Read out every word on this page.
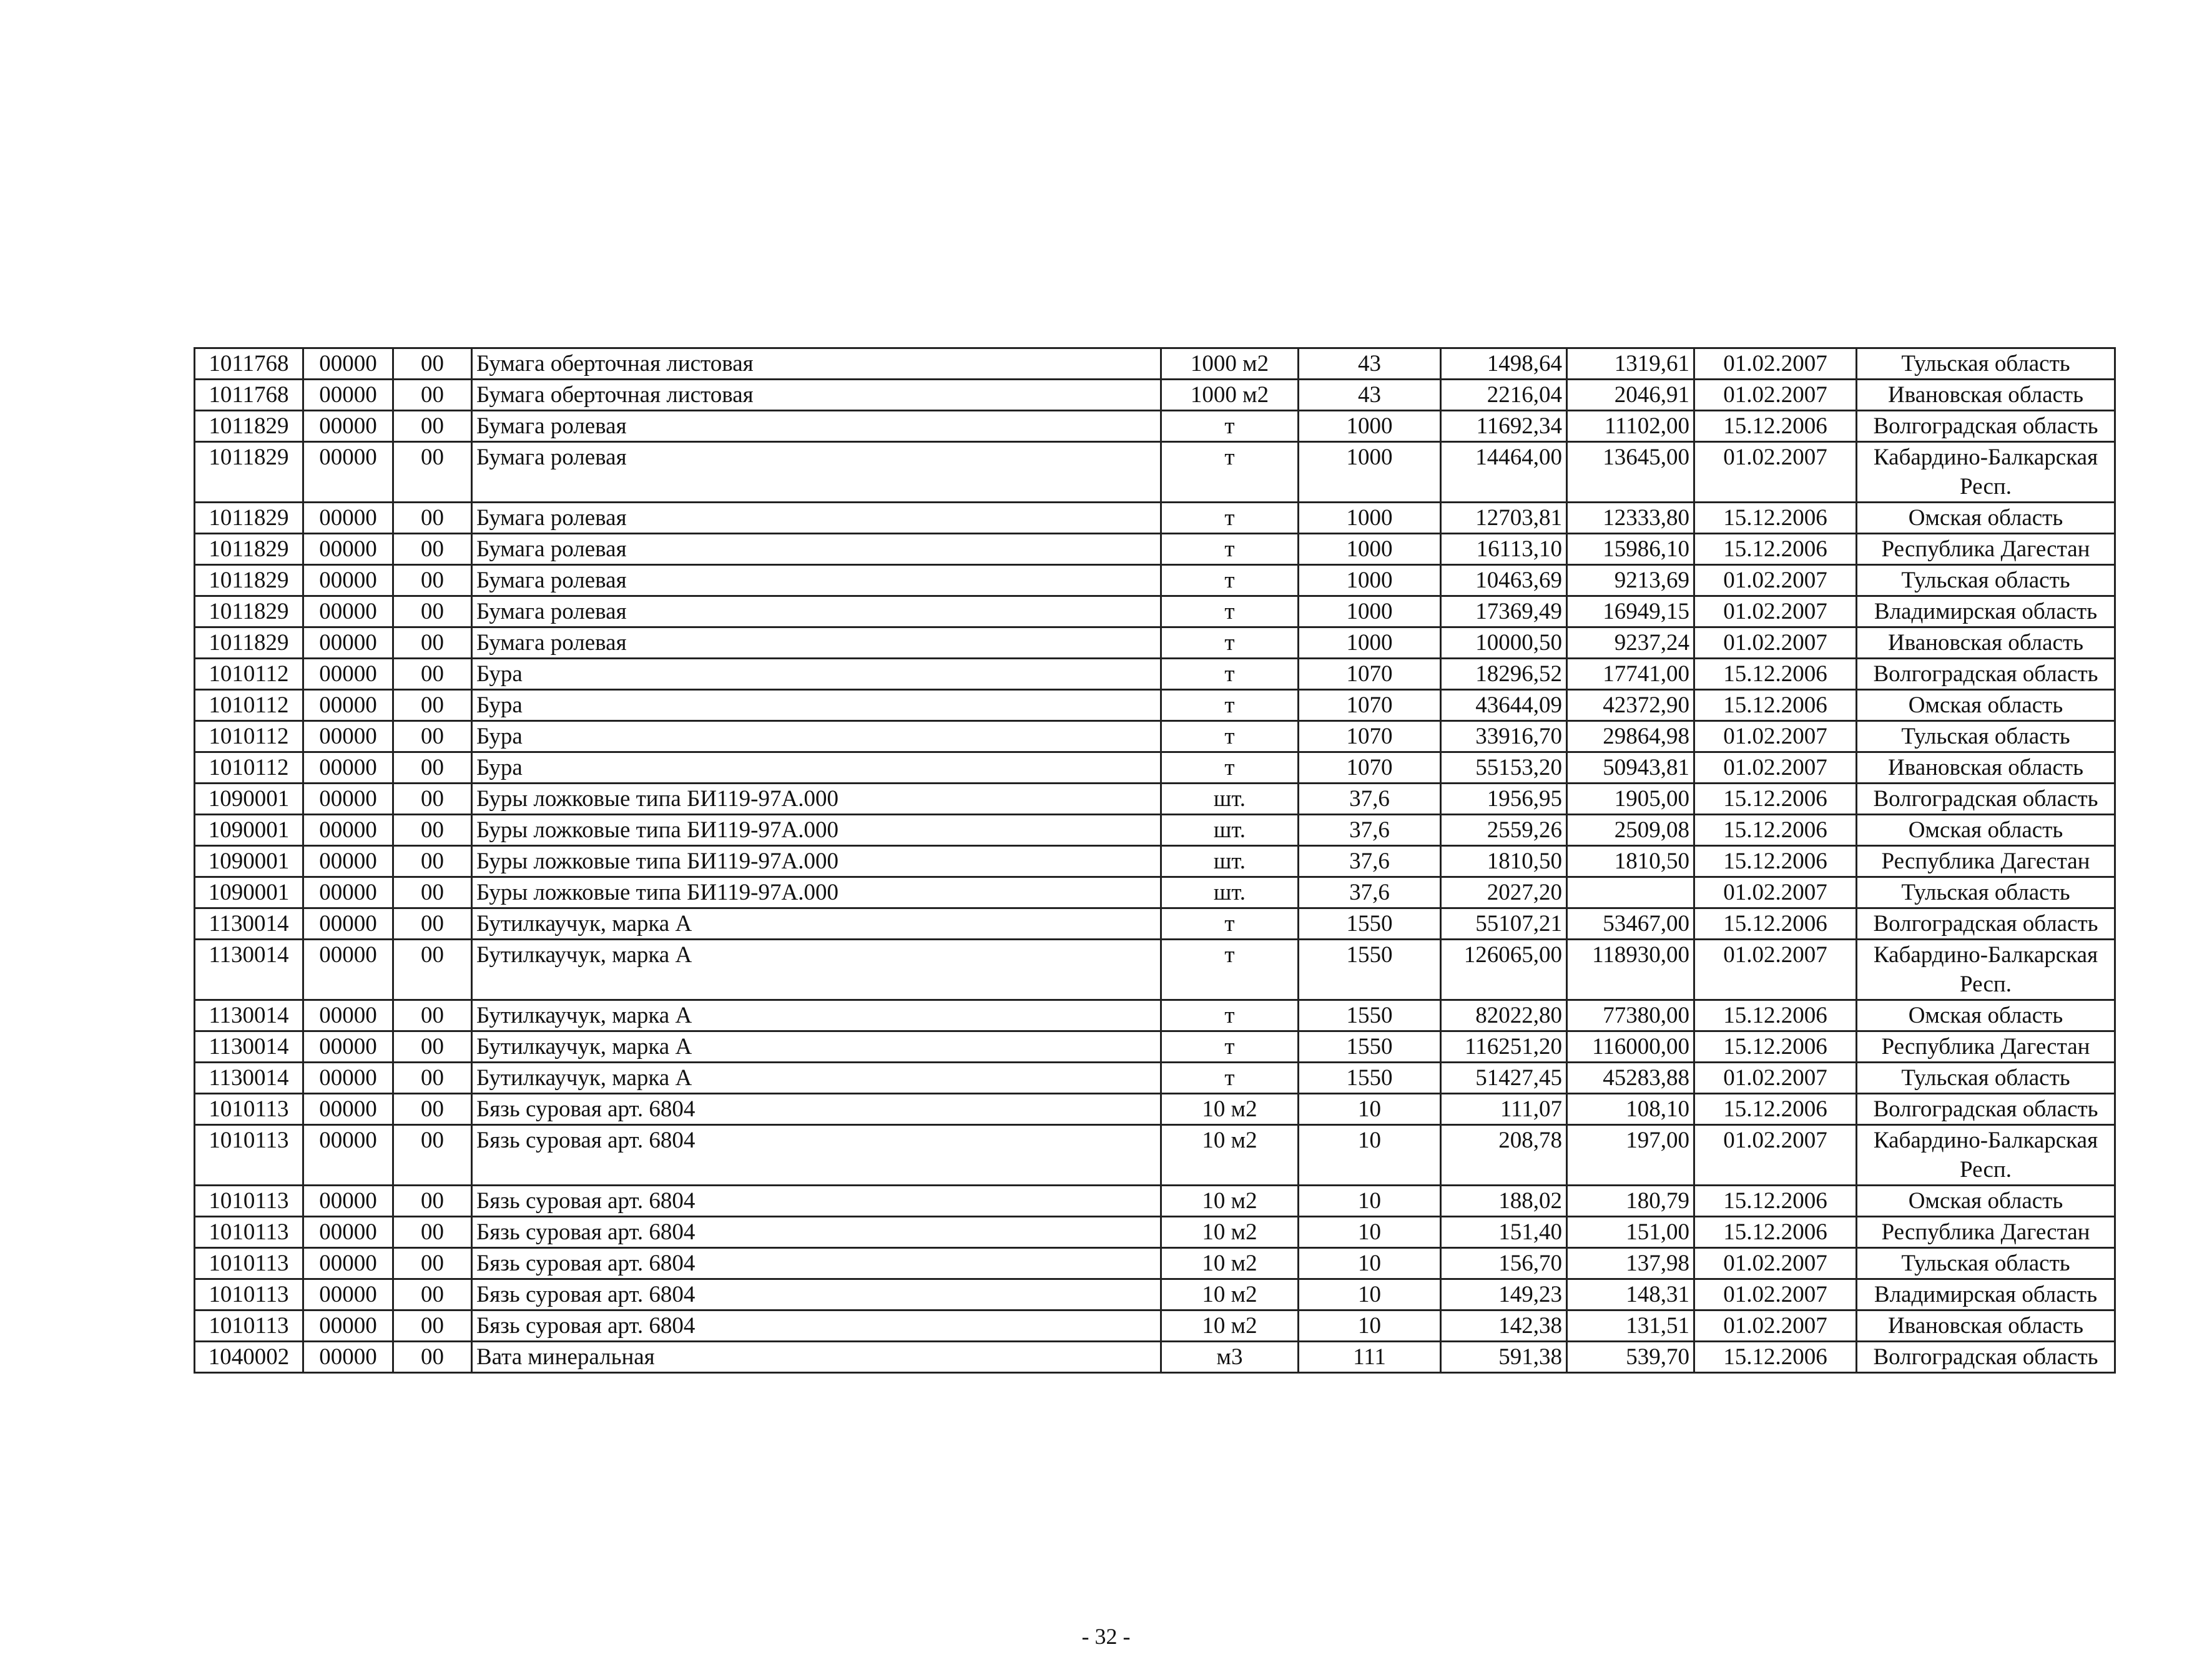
1011768	00000	00	Бумага оберточная листовая	1000 м2	43	1498,64	1319,61	01.02.2007	Тульская область
1011768	00000	00	Бумага оберточная листовая	1000 м2	43	2216,04	2046,91	01.02.2007	Ивановская область
1011829	00000	00	Бумага ролевая	т	1000	11692,34	11102,00	15.12.2006	Волгоградская область
1011829	00000	00	Бумага ролевая	т	1000	14464,00	13645,00	01.02.2007	Кабардино-Балкарская Респ.
1011829	00000	00	Бумага ролевая	т	1000	12703,81	12333,80	15.12.2006	Омская область
1011829	00000	00	Бумага ролевая	т	1000	16113,10	15986,10	15.12.2006	Республика Дагестан
1011829	00000	00	Бумага ролевая	т	1000	10463,69	9213,69	01.02.2007	Тульская область
1011829	00000	00	Бумага ролевая	т	1000	17369,49	16949,15	01.02.2007	Владимирская область
1011829	00000	00	Бумага ролевая	т	1000	10000,50	9237,24	01.02.2007	Ивановская область
1010112	00000	00	Бура	т	1070	18296,52	17741,00	15.12.2006	Волгоградская область
1010112	00000	00	Бура	т	1070	43644,09	42372,90	15.12.2006	Омская область
1010112	00000	00	Бура	т	1070	33916,70	29864,98	01.02.2007	Тульская область
1010112	00000	00	Бура	т	1070	55153,20	50943,81	01.02.2007	Ивановская область
1090001	00000	00	Буры ложковые типа БИ119-97А.000	шт.	37,6	1956,95	1905,00	15.12.2006	Волгоградская область
1090001	00000	00	Буры ложковые типа БИ119-97А.000	шт.	37,6	2559,26	2509,08	15.12.2006	Омская область
1090001	00000	00	Буры ложковые типа БИ119-97А.000	шт.	37,6	1810,50	1810,50	15.12.2006	Республика Дагестан
1090001	00000	00	Буры ложковые типа БИ119-97А.000	шт.	37,6	2027,20		01.02.2007	Тульская область
1130014	00000	00	Бутилкаучук, марка А	т	1550	55107,21	53467,00	15.12.2006	Волгоградская область
1130014	00000	00	Бутилкаучук, марка А	т	1550	126065,00	118930,00	01.02.2007	Кабардино-Балкарская Респ.
1130014	00000	00	Бутилкаучук, марка А	т	1550	82022,80	77380,00	15.12.2006	Омская область
1130014	00000	00	Бутилкаучук, марка А	т	1550	116251,20	116000,00	15.12.2006	Республика Дагестан
1130014	00000	00	Бутилкаучук, марка А	т	1550	51427,45	45283,88	01.02.2007	Тульская область
1010113	00000	00	Бязь суровая арт. 6804	10 м2	10	111,07	108,10	15.12.2006	Волгоградская область
1010113	00000	00	Бязь суровая арт. 6804	10 м2	10	208,78	197,00	01.02.2007	Кабардино-Балкарская Респ.
1010113	00000	00	Бязь суровая арт. 6804	10 м2	10	188,02	180,79	15.12.2006	Омская область
1010113	00000	00	Бязь суровая арт. 6804	10 м2	10	151,40	151,00	15.12.2006	Республика Дагестан
1010113	00000	00	Бязь суровая арт. 6804	10 м2	10	156,70	137,98	01.02.2007	Тульская область
1010113	00000	00	Бязь суровая арт. 6804	10 м2	10	149,23	148,31	01.02.2007	Владимирская область
1010113	00000	00	Бязь суровая арт. 6804	10 м2	10	142,38	131,51	01.02.2007	Ивановская область
1040002	00000	00	Вата минеральная	м3	111	591,38	539,70	15.12.2006	Волгоградская область
- 32 -
